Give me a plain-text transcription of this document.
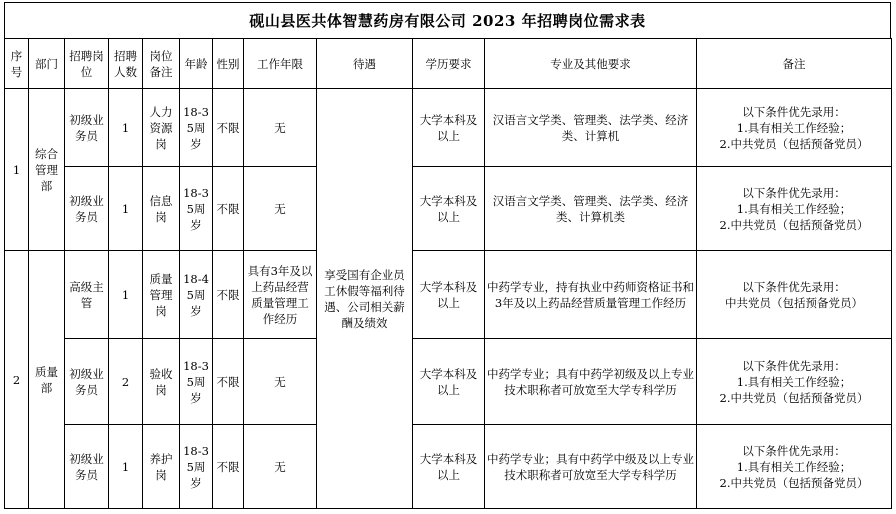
砚山县医共体智慧药房有限公司 2023 年招聘岗位需求表
序号	部门	招聘岗位	招聘人数	岗位备注	年龄	性别	工作年限	待遇	学历要求	专业及其他要求	备注
1	综合管理部	初级业务员	1	人力资源岗	18-35周岁	不限	无	享受国有企业员工休假等福利待遇、公司相关薪酬及绩效	大学本科及以上	汉语言文学类、管理类、法学类、经济类、计算机	以下条件优先录用：
1.具有相关工作经验；
2.中共党员（包括预备党员）
		初级业务员	1	信息岗	18-35周岁	不限	无		大学本科及以上	汉语言文学类、管理类、法学类、经济类、计算机类	以下条件优先录用：
1.具有相关工作经验；
2.中共党员（包括预备党员）
2	质量部	高级主管	1	质量管理岗	18-45周岁	不限	具有3年及以上药品经营质量管理工作经历		大学本科及以上	中药学专业，持有执业中药师资格证书和3年及以上药品经营质量管理工作经历	以下条件优先录用：
中共党员（包括预备党员）
		初级业务员	2	验收岗	18-35周岁	不限	无		大学本科及以上	中药学专业；具有中药学初级及以上专业技术职称者可放宽至大学专科学历	以下条件优先录用：
1.具有相关工作经验；
2.中共党员（包括预备党员）
		初级业务员	1	养护岗	18-35周岁	不限	无		大学本科及以上	中药学专业；具有中药学中级及以上专业技术职称者可放宽至大学专科学历	以下条件优先录用：
1.具有相关工作经验；
2.中共党员（包括预备党员）
